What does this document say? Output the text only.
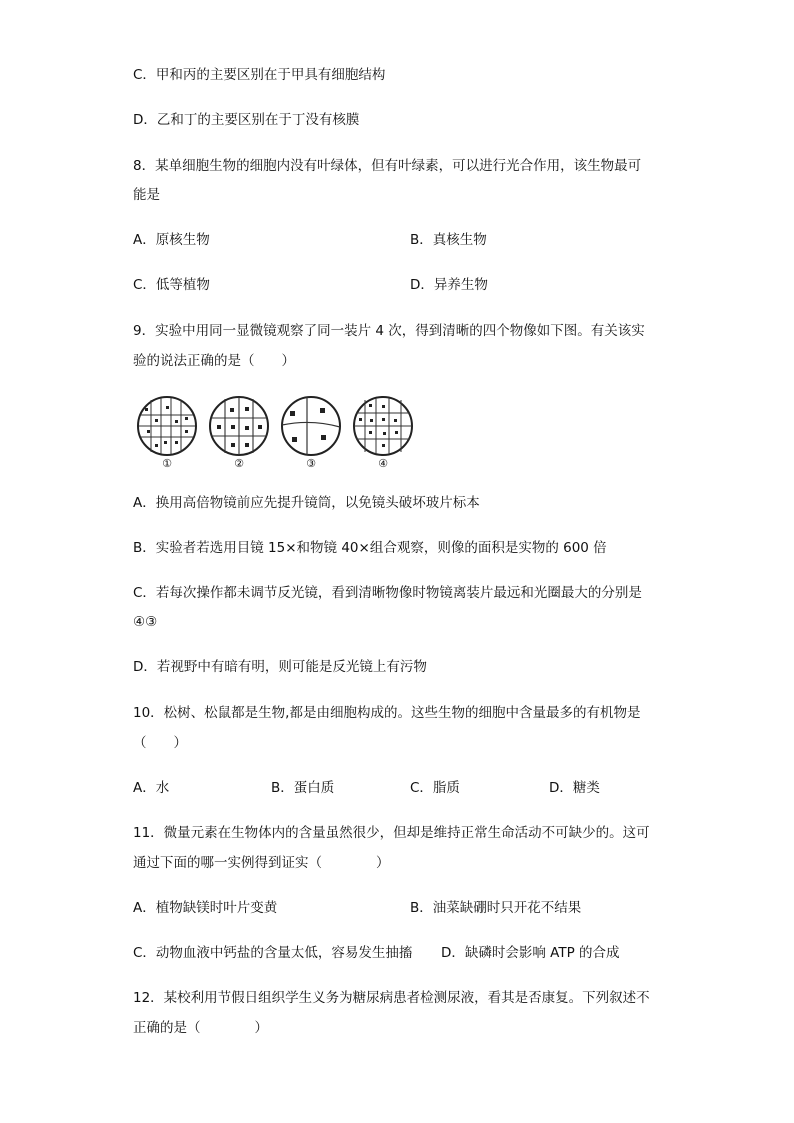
C．甲和丙的主要区别在于甲具有细胞结构
D．乙和丁的主要区别在于丁没有核膜
8．某单细胞生物的细胞内没有叶绿体，但有叶绿素，可以进行光合作用，该生物最可
能是
A．原核生物	B．真核生物
C．低等植物	D．异养生物
9．实验中用同一显微镜观察了同一装片 4 次，得到清晰的四个物像如下图。有关该实
验的说法正确的是（　　）
①	②	③	④
A．换用高倍物镜前应先提升镜筒，以免镜头破坏玻片标本
B．实验者若选用目镜 15×和物镜 40×组合观察，则像的面积是实物的 600 倍
C．若每次操作都未调节反光镜，看到清晰物像时物镜离装片最远和光圈最大的分别是
④③
D．若视野中有暗有明，则可能是反光镜上有污物
10．松树、松鼠都是生物,都是由细胞构成的。这些生物的细胞中含量最多的有机物是
（　　）
A．水	B．蛋白质	C．脂质	D．糖类
11．微量元素在生物体内的含量虽然很少，但却是维持正常生命活动不可缺少的。这可
通过下面的哪一实例得到证实（　　　　）
A．植物缺镁时叶片变黄	B．油菜缺硼时只开花不结果
C．动物血液中钙盐的含量太低，容易发生抽搐 D．缺磷时会影响 ATP 的合成
12．某校利用节假日组织学生义务为糖尿病患者检测尿液，看其是否康复。下列叙述不
正确的是（　　　　）
